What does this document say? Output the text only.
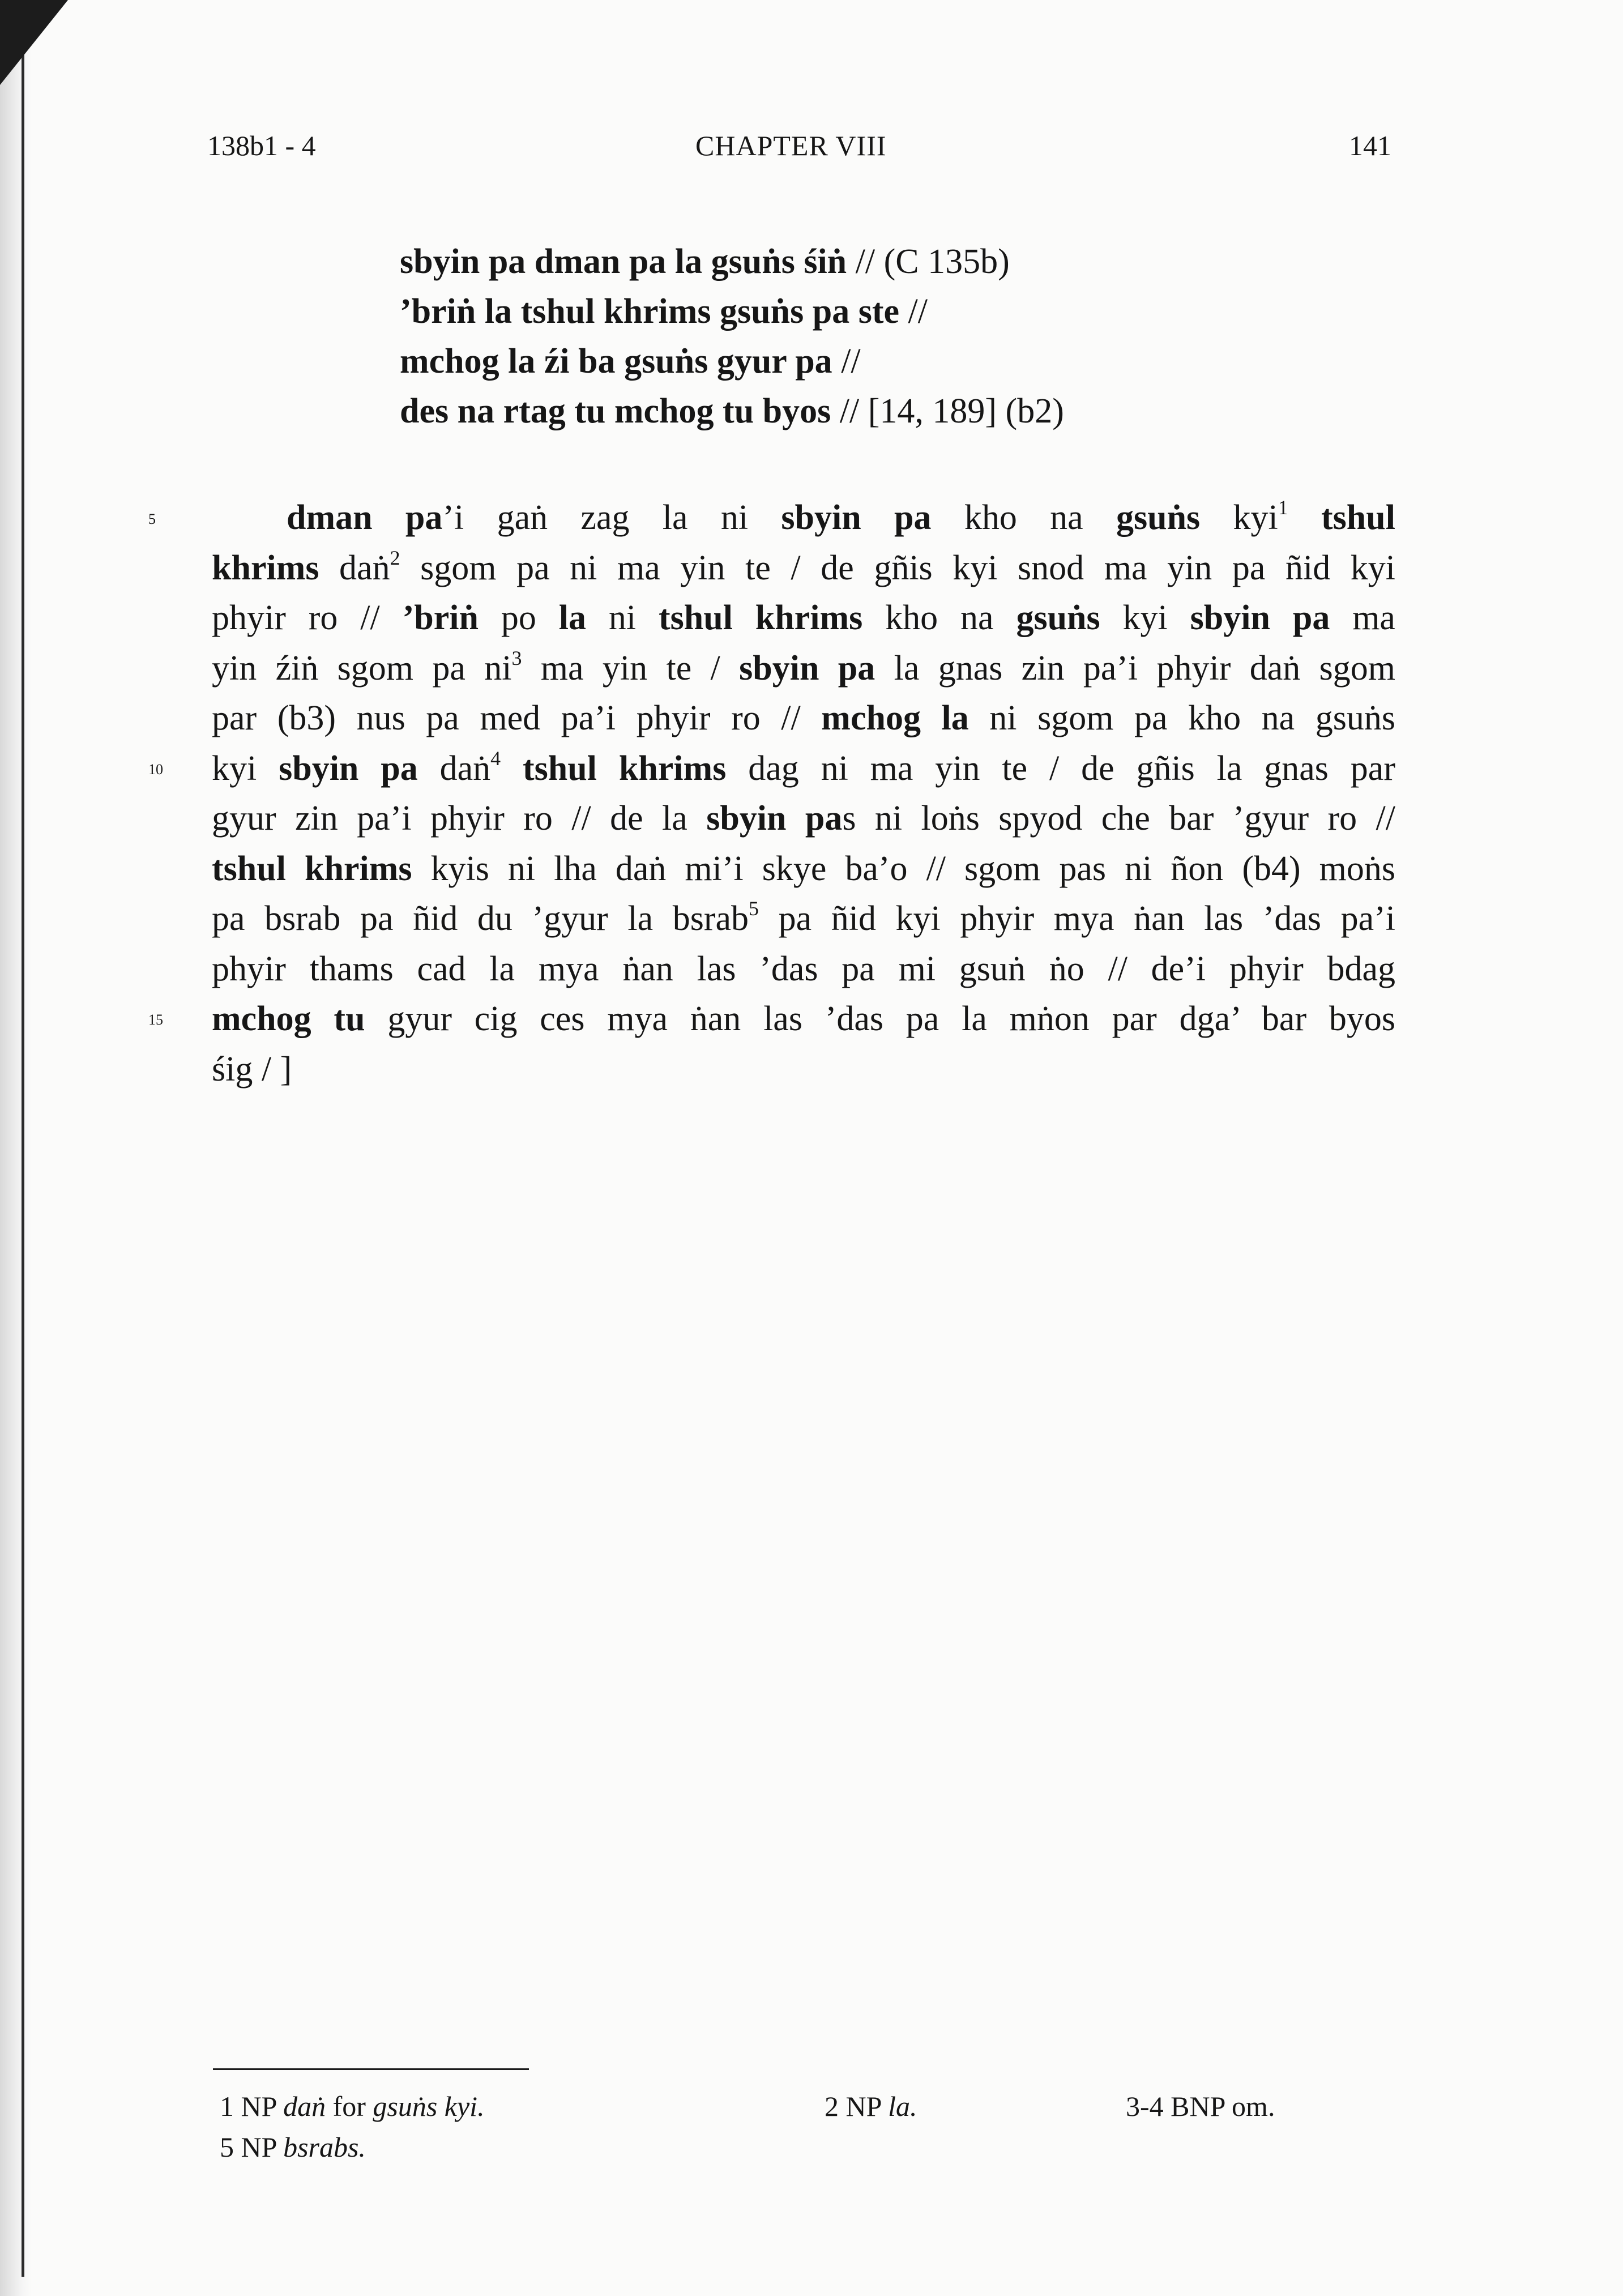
138b1 - 4	CHAPTER VIII	141
sbyin pa dman pa la gsuṅs śiṅ // (C 135b)
’briṅ la tshul khrims gsuṅs pa ste //
mchog la źi ba gsuṅs gyur pa //
des na rtag tu mchog tu byos // [14, 189] (b2)
5
10
15
dman pa’i gaṅ zag la ni sbyin pa kho na gsuṅs kyi$^1$ tshul
khrims daṅ$^2$ sgom pa ni ma yin te / de gñis kyi snod ma yin pa ñid kyi
phyir ro // ’briṅ po la ni tshul khrims kho na gsuṅs kyi sbyin pa ma
yin źiṅ sgom pa $ni^3$ ma yin te / sbyin pa la gnas zin pa’i phyir daṅ sgom
par (b3) nus pa med pa’i phyir ro // mchog la ni sgom pa kho na gsuṅs
kyi sbyin pa daṅ$^4$ tshul khrims dag ni ma yin te / de gñis la gnas par
gyur zin pa’i phyir ro // de la sbyin pas ni loṅs spyod che bar ’gyur ro //
tshul khrims kyis ni lha daṅ mi’i skye ba’o // sgom pas ni ñon (b4) moṅs
pa bsrab pa ñid du ’gyur la bsrab$^5$ pa ñid kyi phyir mya ṅan las ’das pa’i
phyir thams cad la mya ṅan las ’das pa mi gsuṅ ṅo // de’i phyir bdag
mchog tu gyur cig ces mya ṅan las ’das pa la mṅon par dga’ bar byos
śig / ]
1 NP daṅ for gsuṅs kyi.	2 NP la.	3-4 BNP om.
5 NP bsrabs.
